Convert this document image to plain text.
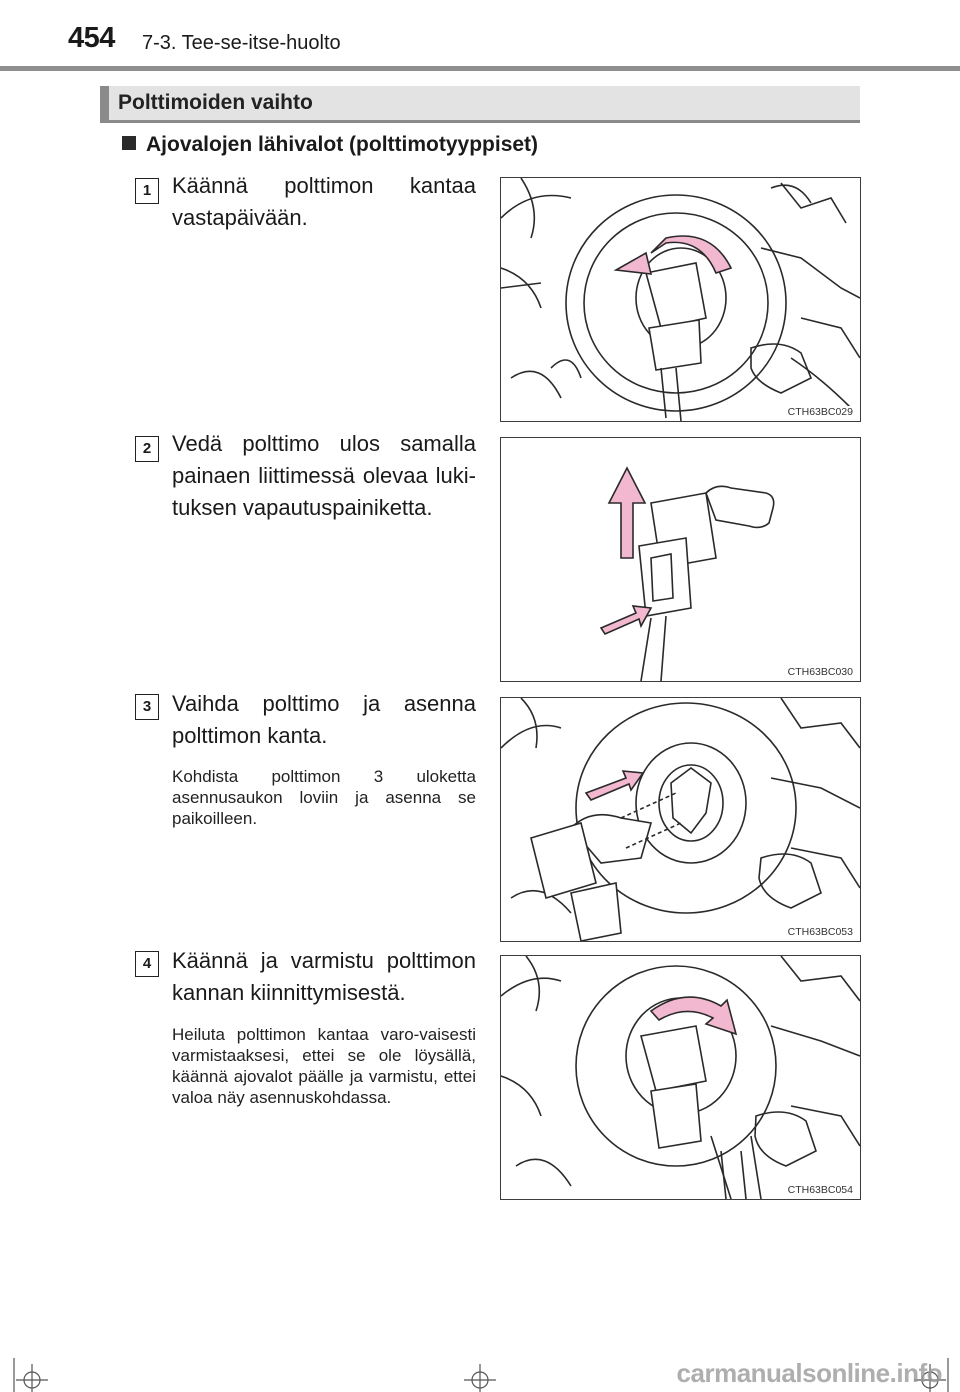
454 7-3. Tee-se-itse-huolto
Polttimoiden vaihto
Ajovalojen lähivalot (polttimotyyppiset)
1 Käännä polttimon kantaa vastapäivään.
CTH63BC029
2 Vedä polttimo ulos samalla painaen liittimessä olevaa luki-tuksen vapautuspainiketta.
CTH63BC030
3 Vaihda polttimo ja asenna polttimon kanta.
Kohdista polttimon 3 uloketta asennusaukon loviin ja asenna se paikoilleen.
CTH63BC053
4 Käännä ja varmistu polttimon kannan kiinnittymisestä.
Heiluta polttimon kantaa varo-vaisesti varmistaaksesi, ettei se ole löysällä, käännä ajovalot päälle ja varmistu, ettei valoa näy asennuskohdassa.
CTH63BC054
carmanualsonline.info
